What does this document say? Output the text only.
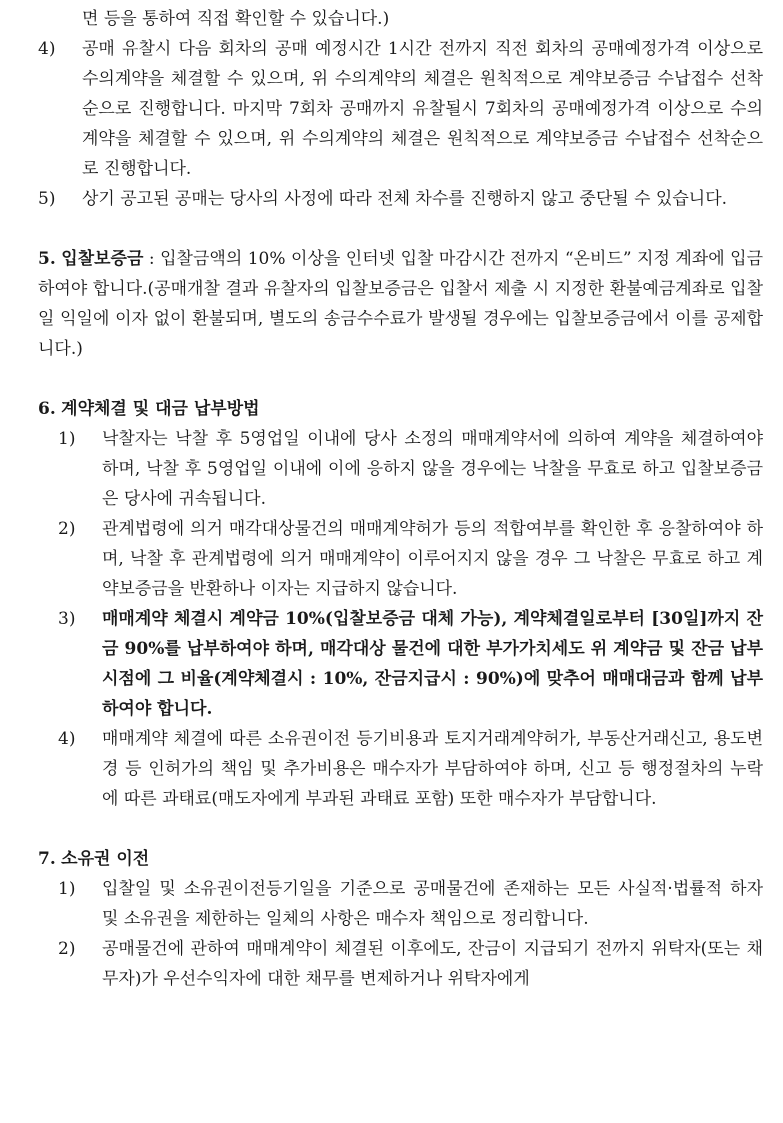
면 등을 통하여 직접 확인할 수 있습니다.)
4) 공매 유찰시 다음 회차의 공매 예정시간 1시간 전까지 직전 회차의 공매예정가격 이상으로 수의계약을 체결할 수 있으며, 위 수의계약의 체결은 원칙적으로 계약보증금 수납접수 선착순으로 진행합니다. 마지막 7회차 공매까지 유찰될시 7회차의 공매예정가격 이상으로 수의계약을 체결할 수 있으며, 위 수의계약의 체결은 원칙적으로 계약보증금 수납접수 선착순으로 진행합니다.
5) 상기 공고된 공매는 당사의 사정에 따라 전체 차수를 진행하지 않고 중단될 수 있습니다.
5. 입찰보증금 : 입찰금액의 10% 이상을 인터넷 입찰 마감시간 전까지 “온비드” 지정 계좌에 입금하여야 합니다.(공매개찰 결과 유찰자의 입찰보증금은 입찰서 제출 시 지정한 환불예금계좌로 입찰일 익일에 이자 없이 환불되며, 별도의 송금수수료가 발생될 경우에는 입찰보증금에서 이를 공제합니다.)
6. 계약체결 및 대금 납부방법
1) 낙찰자는 낙찰 후 5영업일 이내에 당사 소정의 매매계약서에 의하여 계약을 체결하여야 하며, 낙찰 후 5영업일 이내에 이에 응하지 않을 경우에는 낙찰을 무효로 하고 입찰보증금은 당사에 귀속됩니다.
2) 관계법령에 의거 매각대상물건의 매매계약허가 등의 적합여부를 확인한 후 응찰하여야 하며, 낙찰 후 관계법령에 의거 매매계약이 이루어지지 않을 경우 그 낙찰은 무효로 하고 계약보증금을 반환하나 이자는 지급하지 않습니다.
3) 매매계약 체결시 계약금 10%(입찰보증금 대체 가능), 계약체결일로부터 [30일]까지 잔금 90%를 납부하여야 하며, 매각대상 물건에 대한 부가가치세도 위 계약금 및 잔금 납부시점에 그 비율(계약체결시 : 10%, 잔금지급시 : 90%)에 맞추어 매매대금과 함께 납부하여야 합니다.
4) 매매계약 체결에 따른 소유권이전 등기비용과 토지거래계약허가, 부동산거래신고, 용도변경 등 인허가의 책임 및 추가비용은 매수자가 부담하여야 하며, 신고 등 행정절차의 누락에 따른 과태료(매도자에게 부과된 과태료 포함) 또한 매수자가 부담합니다.
7. 소유권 이전
1) 입찰일 및 소유권이전등기일을 기준으로 공매물건에 존재하는 모든 사실적·법률적 하자 및 소유권을 제한하는 일체의 사항은 매수자 책임으로 정리합니다.
2) 공매물건에 관하여 매매계약이 체결된 이후에도, 잔금이 지급되기 전까지 위탁자(또는 채무자)가 우선수익자에 대한 채무를 변제하거나 위탁자에게
